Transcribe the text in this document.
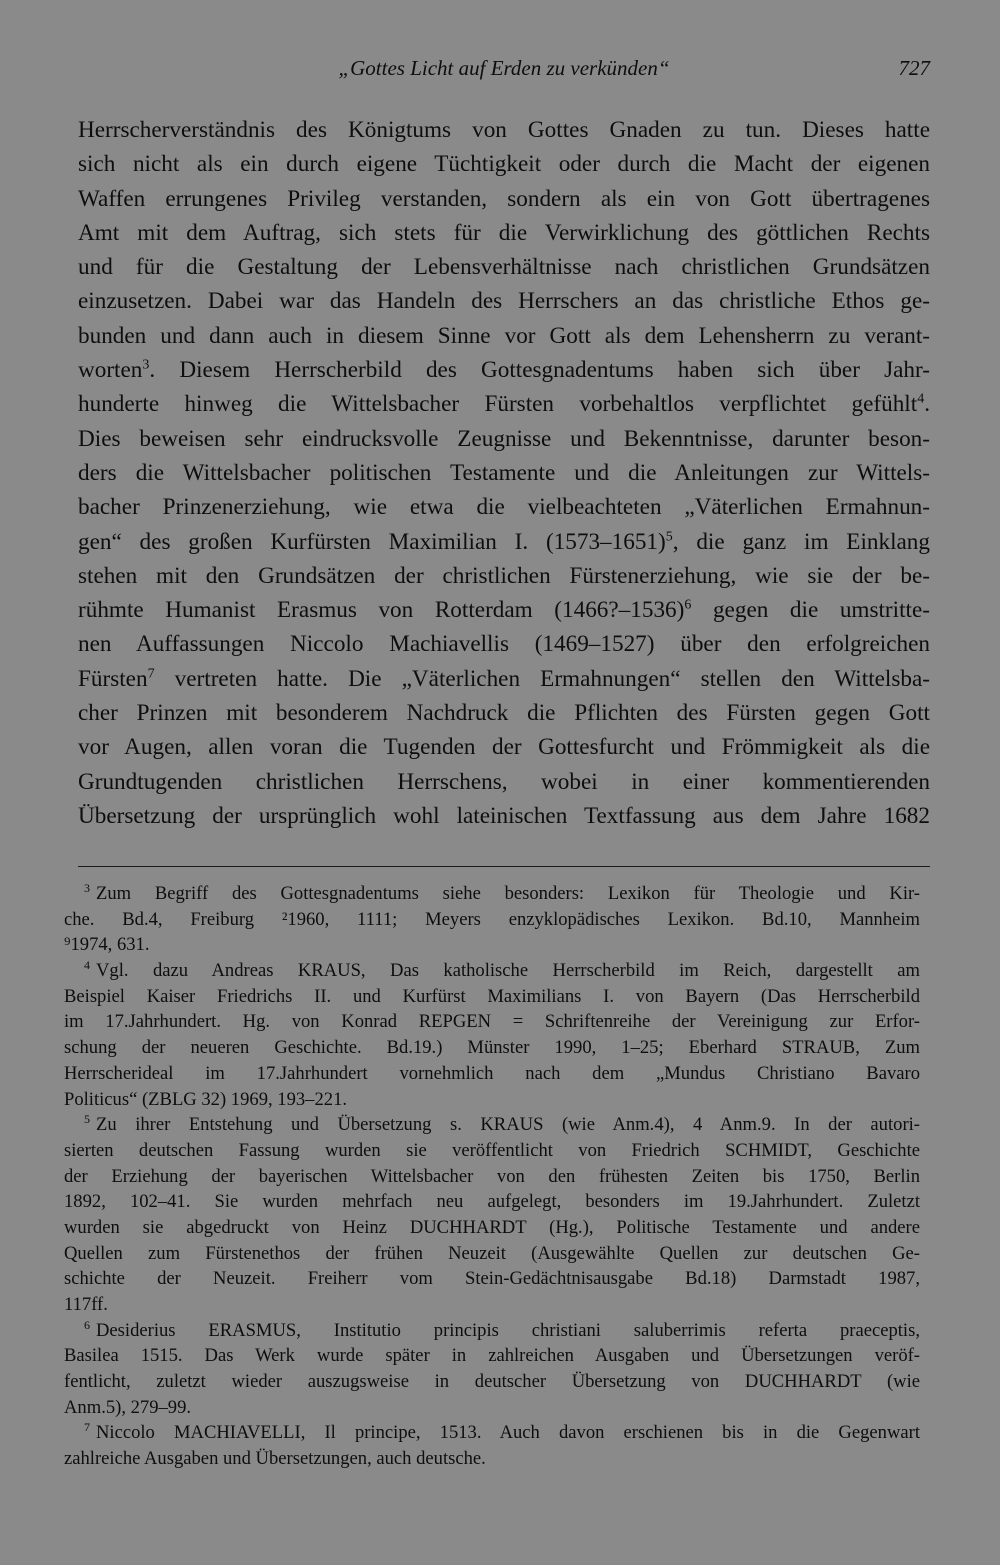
„Gottes Licht auf Erden zu verkünden“	727
Herrscherverständnis des Königtums von Gottes Gnaden zu tun. Dieses hatte
sich nicht als ein durch eigene Tüchtigkeit oder durch die Macht der eigenen
Waffen errungenes Privileg verstanden, sondern als ein von Gott übertragenes
Amt mit dem Auftrag, sich stets für die Verwirklichung des göttlichen Rechts
und für die Gestaltung der Lebensverhältnisse nach christlichen Grundsätzen
einzusetzen. Dabei war das Handeln des Herrschers an das christliche Ethos ge-
bunden und dann auch in diesem Sinne vor Gott als dem Lehensherrn zu verant-
worten$^3$. Diesem Herrscherbild des Gottesgnadentums haben sich über Jahr-
hunderte hinweg die Wittelsbacher Fürsten vorbehaltlos verpflichtet gefühlt$^4$.
Dies beweisen sehr eindrucksvolle Zeugnisse und Bekenntnisse, darunter beson-
ders die Wittelsbacher politischen Testamente und die Anleitungen zur Wittels-
bacher Prinzenerziehung, wie etwa die vielbeachteten „Väterlichen Ermahnun-
gen“ des großen Kurfürsten Maximilian I. (1573–1651)$^5$, die ganz im Einklang
stehen mit den Grundsätzen der christlichen Fürstenerziehung, wie sie der be-
rühmte Humanist Erasmus von Rotterdam (1466?–1536)$^6$ gegen die umstritte-
nen Auffassungen Niccolo Machiavellis (1469–1527) über den erfolgreichen
Fürsten$^7$ vertreten hatte. Die „Väterlichen Ermahnungen“ stellen den Wittelsba-
cher Prinzen mit besonderem Nachdruck die Pflichten des Fürsten gegen Gott
vor Augen, allen voran die Tugenden der Gottesfurcht und Frömmigkeit als die
Grundtugenden christlichen Herrschens, wobei in einer kommentierenden
Übersetzung der ursprünglich wohl lateinischen Textfassung aus dem Jahre 1682
$^3$ Zum Begriff des Gottesgnadentums siehe besonders: Lexikon für Theologie und Kir-
che. Bd.4, Freiburg ²1960, 1111; Meyers enzyklopädisches Lexikon. Bd.10, Mannheim
⁹1974, 631.
$^4$ Vgl. dazu Andreas KRAUS, Das katholische Herrscherbild im Reich, dargestellt am
Beispiel Kaiser Friedrichs II. und Kurfürst Maximilians I. von Bayern (Das Herrscherbild
im 17.Jahrhundert. Hg. von Konrad REPGEN = Schriftenreihe der Vereinigung zur Erfor-
schung der neueren Geschichte. Bd.19.) Münster 1990, 1–25; Eberhard STRAUB, Zum
Herrscherideal im 17.Jahrhundert vornehmlich nach dem „Mundus Christiano Bavaro
Politicus“ (ZBLG 32) 1969, 193–221.
$^5$ Zu ihrer Entstehung und Übersetzung s. KRAUS (wie Anm.4), 4 Anm.9. In der autori-
sierten deutschen Fassung wurden sie veröffentlicht von Friedrich SCHMIDT, Geschichte
der Erziehung der bayerischen Wittelsbacher von den frühesten Zeiten bis 1750, Berlin
1892, 102–41. Sie wurden mehrfach neu aufgelegt, besonders im 19.Jahrhundert. Zuletzt
wurden sie abgedruckt von Heinz DUCHHARDT (Hg.), Politische Testamente und andere
Quellen zum Fürstenethos der frühen Neuzeit (Ausgewählte Quellen zur deutschen Ge-
schichte der Neuzeit. Freiherr vom Stein-Gedächtnisausgabe Bd.18) Darmstadt 1987,
117ff.
$^6$ Desiderius ERASMUS, Institutio principis christiani saluberrimis referta praeceptis,
Basilea 1515. Das Werk wurde später in zahlreichen Ausgaben und Übersetzungen veröf-
fentlicht, zuletzt wieder auszugsweise in deutscher Übersetzung von DUCHHARDT (wie
Anm.5), 279–99.
$^7$ Niccolo MACHIAVELLI, Il principe, 1513. Auch davon erschienen bis in die Gegenwart
zahlreiche Ausgaben und Übersetzungen, auch deutsche.
